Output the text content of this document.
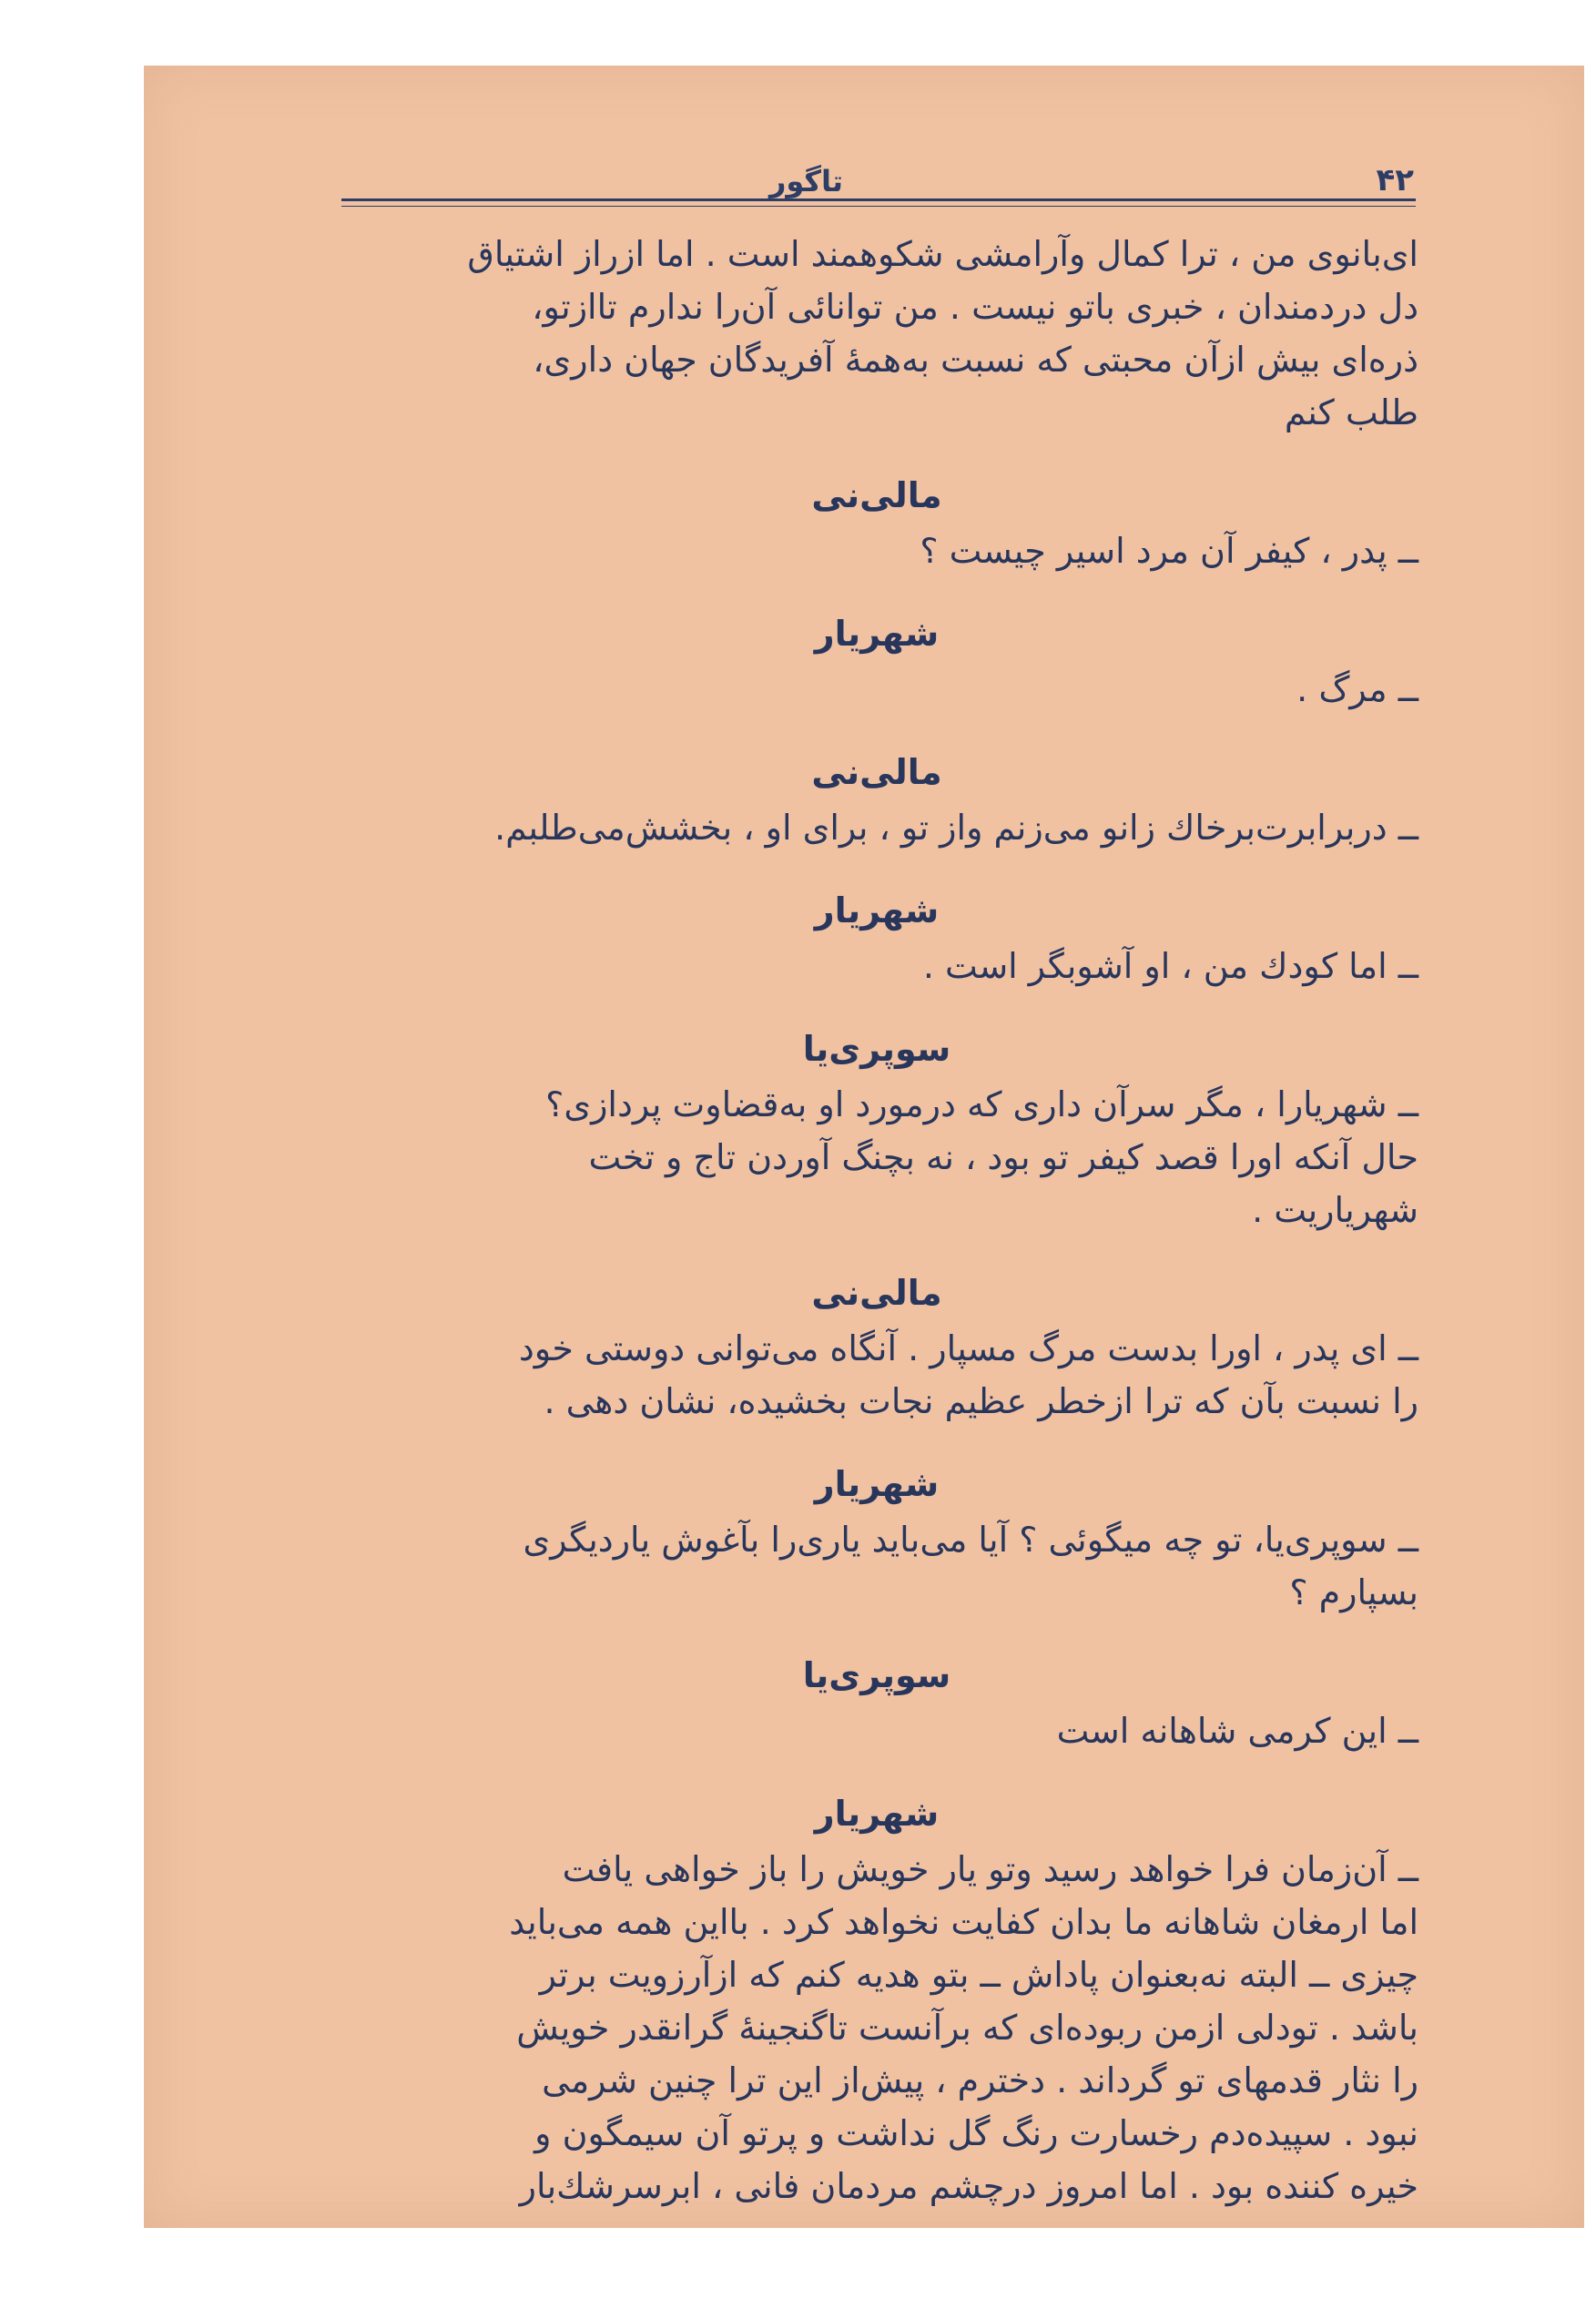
۴۲
تاگور
ای‌بانوی من ، ترا کمال وآرامشی شکوهمند است . اما ازراز اشتیاق
دل دردمندان ، خبری باتو نیست . من توانائی آن‌را ندارم تاازتو،
ذره‌ای بیش ازآن محبتی که نسبت به‌همهٔ آفریدگان جهان داری،
طلب کنم
مالی‌نی
ــ پدر ، کیفر آن مرد اسیر چیست ؟
شهریار
ــ مرگ .
مالی‌نی
ــ دربرابرت‌برخاك زانو می‌زنم واز تو ، برای او ، بخشش‌می‌طلبم.
شهریار
ــ اما کودك من ، او آشوبگر است .
سوپری‌یا
ــ شهریارا ، مگر سرآن داری که درمورد او به‌قضاوت پردازی؟
حال آنکه اورا قصد کیفر تو بود ، نه بچنگ آوردن تاج و تخت
شهریاریت .
مالی‌نی
ــ ای پدر ، اورا بدست مرگ مسپار . آنگاه می‌توانی دوستی خود
را نسبت بآن که ترا ازخطر عظیم نجات بخشیده، نشان دهی .
شهریار
ــ سوپری‌یا، تو چه میگوئی ؟ آیا می‌باید یاری‌را بآغوش یاردیگری
بسپارم ؟
سوپری‌یا
ــ این کرمی شاهانه است
شهریار
ــ آن‌زمان فرا خواهد رسید وتو یار خویش را باز خواهی یافت
اما ارمغان شاهانه ما بدان کفایت نخواهد کرد . بااین همه می‌باید
چیزی ــ البته نه‌بعنوان پاداش ــ بتو هدیه کنم که ازآرزویت برتر
باشد . تودلی ازمن ربوده‌ای که برآنست تاگنجینهٔ گرانقدر خویش
را نثار قدمهای تو گرداند . دخترم ، پیش‌از این ترا چنین شرمی
نبود . سپیده‌دم رخسارت رنگ گل نداشت و پرتو آن سیمگون و
خیره کننده بود . اما امروز درچشم مردمان فانی ، ابرسرشك‌بار
